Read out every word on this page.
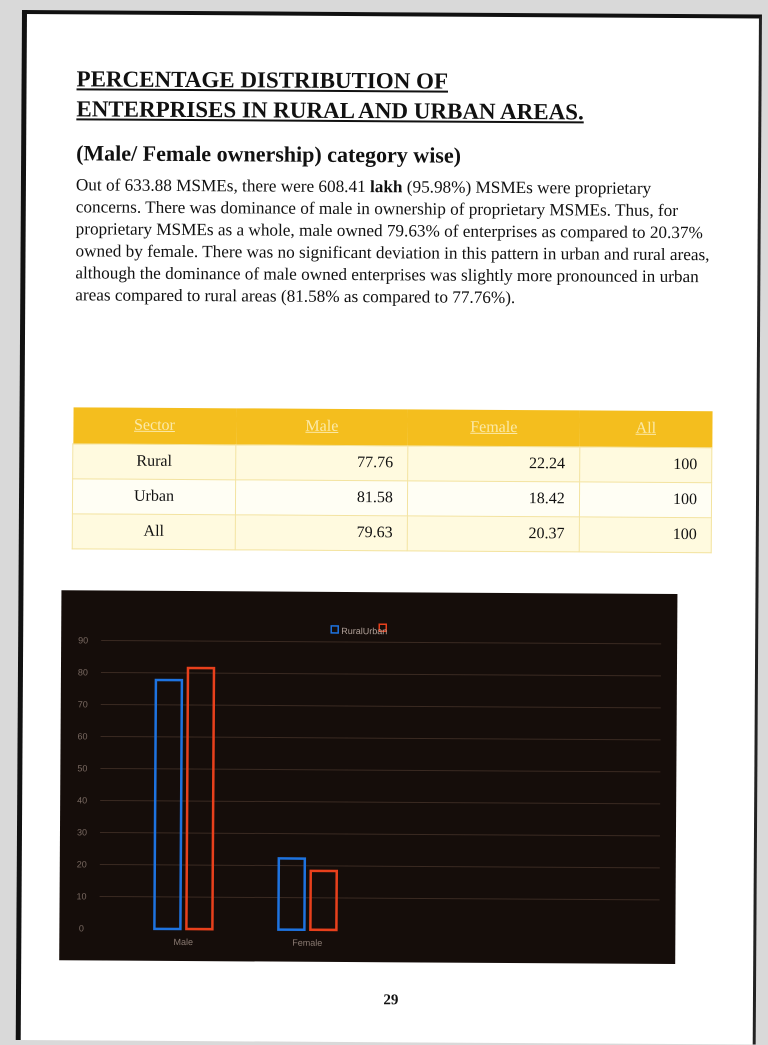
PERCENTAGE DISTRIBUTION OF
ENTERPRISES IN RURAL AND URBAN AREAS.
(Male/ Female ownership) category wise)

Out of 633.88 MSMEs, there were 608.41 lakh (95.98%) MSMEs were proprietary concerns. There was dominance of male in ownership of proprietary MSMEs. Thus, for proprietary MSMEs as a whole, male owned 79.63% of enterprises as compared to 20.37% owned by female. There was no significant deviation in this pattern in urban and rural areas, although the dominance of male owned enterprises was slightly more pronounced in urban areas compared to rural areas (81.58% as compared to 77.76%).

Sector	Male	Female	All
Rural	77.76	22.24	100
Urban	81.58	18.42	100
All	79.63	20.37	100
0
10
20
30
40
50
60
70
80
90
Male	Female
RuralUrban
29
